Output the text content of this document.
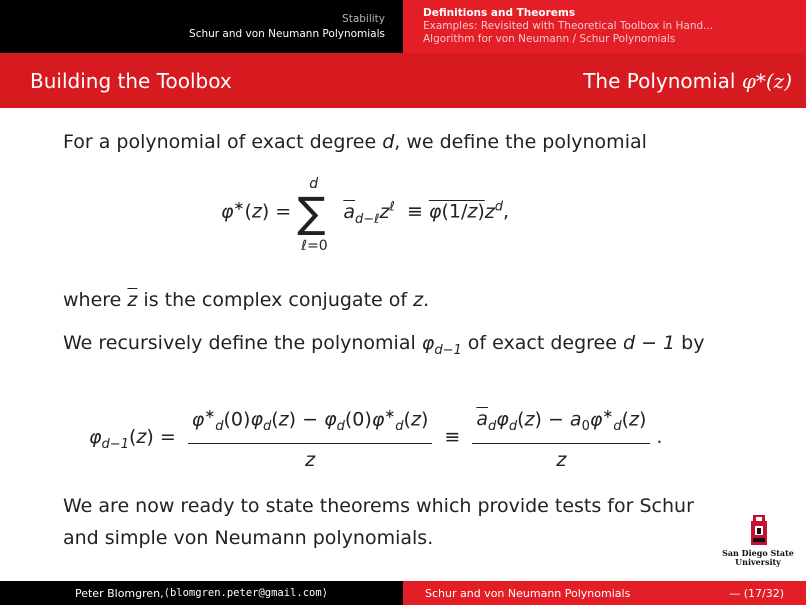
Stability
Schur and von Neumann Polynomials
Definitions and Theorems
Examples: Revisited with Theoretical Toolbox in Hand...
Algorithm for von Neumann / Schur Polynomials
Building the Toolbox	The Polynomial φ*(z)
For a polynomial of exact degree d, we define the polynomial
φ∗(z) =
d
∑
ℓ=0
$\overline{a}_{d-\ell}z^\ell \equiv \varphi(1/z)z^d$,
where $\overline{z}$ is the complex conjugate of z.
We recursively define the polynomial $\varphi_{d-1}$ of exact degree d − 1 by
$\varphi_{d-1}(z) = \frac{\varphi^∗_d(0)\varphi_d(z) - \varphi_d(0)\varphi^∗_d(z)}{z} \equiv \frac{\overline{a}_d\varphi_d(z) - a_0\varphi^∗_d(z)}{z}$ .
We are now ready to state theorems which provide tests for Schur
and simple von Neumann polynomials.
San Diego State
University
Peter Blomgren, ⟨blomgren.peter@gmail.com⟩	Schur and von Neumann Polynomials	— (17/32)
